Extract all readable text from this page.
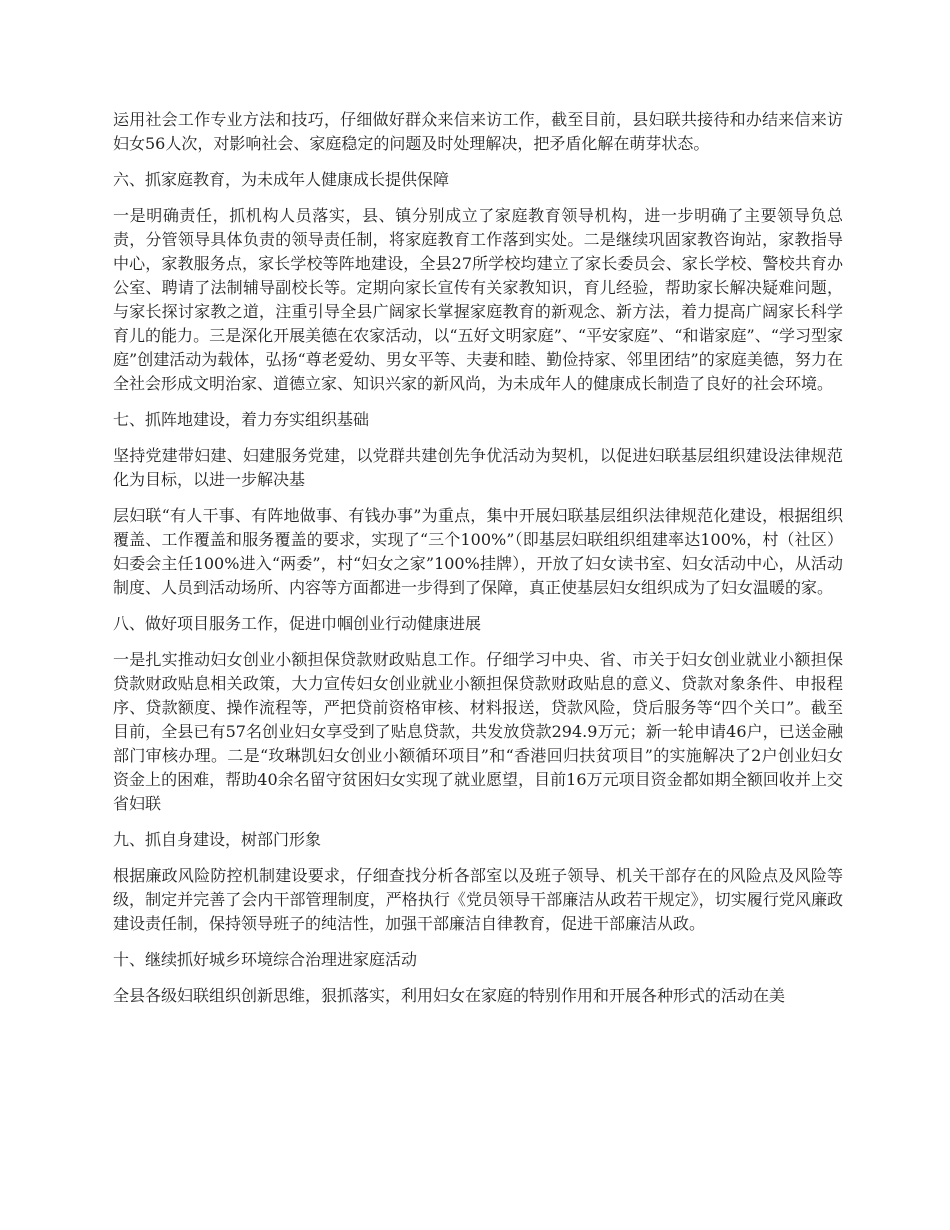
运用社会工作专业方法和技巧，仔细做好群众来信来访工作，截至目前，县妇联共接待和办结来信来访妇女56人次，对影响社会、家庭稳定的问题及时处理解决，把矛盾化解在萌芽状态。

六、抓家庭教育，为未成年人健康成长提供保障

一是明确责任，抓机构人员落实，县、镇分别成立了家庭教育领导机构，进一步明确了主要领导负总责，分管领导具体负责的领导责任制，将家庭教育工作落到实处。二是继续巩固家教咨询站，家教指导中心，家教服务点，家长学校等阵地建设，全县27所学校均建立了家长委员会、家长学校、警校共育办公室、聘请了法制辅导副校长等。定期向家长宣传有关家教知识，育儿经验，帮助家长解决疑难问题，与家长探讨家教之道，注重引导全县广阔家长掌握家庭教育的新观念、新方法，着力提高广阔家长科学育儿的能力。三是深化开展美德在农家活动，以“五好文明家庭”、“平安家庭”、“和谐家庭”、“学习型家庭”创建活动为载体，弘扬“尊老爱幼、男女平等、夫妻和睦、勤俭持家、邻里团结”的家庭美德，努力在全社会形成文明治家、道德立家、知识兴家的新风尚，为未成年人的健康成长制造了良好的社会环境。

七、抓阵地建设，着力夯实组织基础

坚持党建带妇建、妇建服务党建，以党群共建创先争优活动为契机，以促进妇联基层组织建设法律规范化为目标，以进一步解决基

层妇联“有人干事、有阵地做事、有钱办事”为重点，集中开展妇联基层组织法律规范化建设，根据组织覆盖、工作覆盖和服务覆盖的要求，实现了“三个100%”（即基层妇联组织组建率达100%，村（社区）妇委会主任100%进入“两委”，村“妇女之家”100%挂牌），开放了妇女读书室、妇女活动中心，从活动制度、人员到活动场所、内容等方面都进一步得到了保障，真正使基层妇女组织成为了妇女温暖的家。

八、做好项目服务工作，促进巾帼创业行动健康进展

一是扎实推动妇女创业小额担保贷款财政贴息工作。仔细学习中央、省、市关于妇女创业就业小额担保贷款财政贴息相关政策，大力宣传妇女创业就业小额担保贷款财政贴息的意义、贷款对象条件、申报程序、贷款额度、操作流程等，严把贷前资格审核、材料报送，贷款风险，贷后服务等“四个关口”。截至目前，全县已有57名创业妇女享受到了贴息贷款，共发放贷款294.9万元；新一轮申请46户，已送金融部门审核办理。二是“玫琳凯妇女创业小额循环项目”和“香港回归扶贫项目”的实施解决了2户创业妇女资金上的困难，帮助40余名留守贫困妇女实现了就业愿望，目前16万元项目资金都如期全额回收并上交省妇联

九、抓自身建设，树部门形象

根据廉政风险防控机制建设要求，仔细查找分析各部室以及班子领导、机关干部存在的风险点及风险等级，制定并完善了会内干部管理制度，严格执行《党员领导干部廉洁从政若干规定》，切实履行党风廉政建设责任制，保持领导班子的纯洁性，加强干部廉洁自律教育，促进干部廉洁从政。

十、继续抓好城乡环境综合治理进家庭活动

全县各级妇联组织创新思维，狠抓落实，利用妇女在家庭的特别作用和开展各种形式的活动在美
